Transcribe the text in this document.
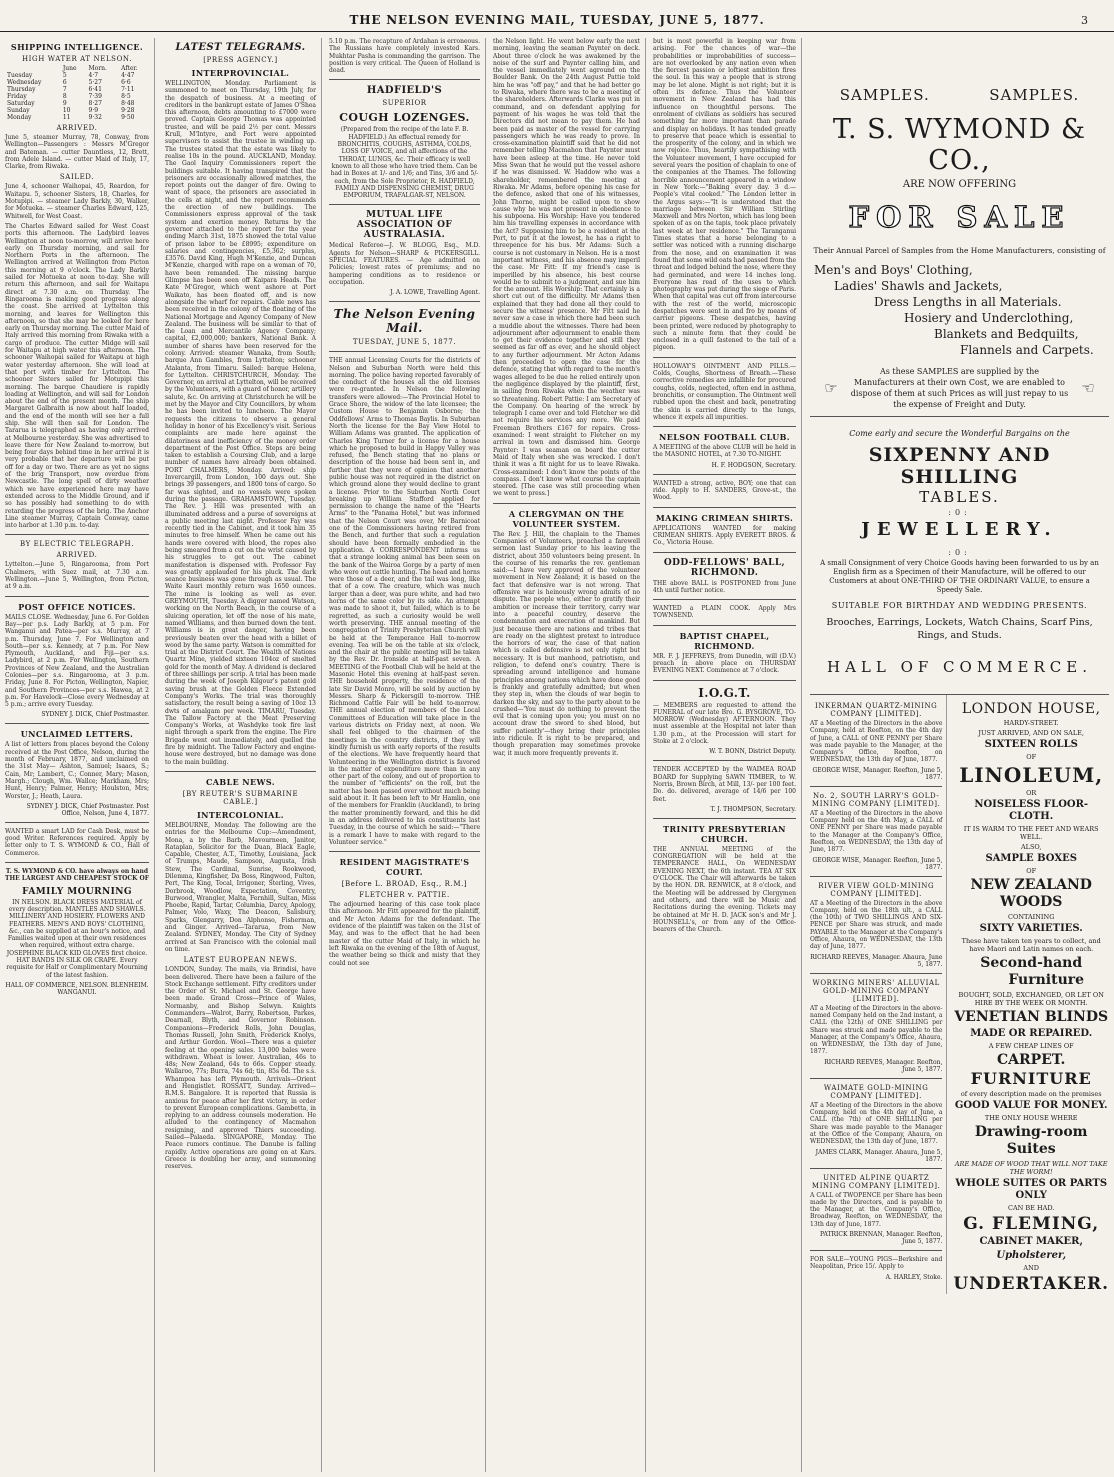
THE NELSON EVENING MAIL, TUESDAY, JUNE 5, 1877.	3
SHIPPING INTELLIGENCE.
HIGH WATER AT NELSON.
	June	Morn.	After.
Tuesday	5	4·7	4·47
Wednesday	6	5·27	6·6
Thursday	7	6·41	7·11
Friday	8	7·39	8·5
Saturday	9	8·27	8·48
Sunday	10	9·9	9·28
Monday	11	9·32	9·50
ARRIVED.
June 5, steamer Murray, 78, Conway, from Wellington—Passengers : Messrs M'Gregor and Bateman. — cutter Dauntless, 12, Brett, from Adele Island. — cutter Maid of Italy, 17, Clarke, from Riwaka.
SAILED.
June 4, schooner Waihopai, 45, Reardon, for Waitapu. 5, schooner Sisters, 18, Charles, for Motupipi. — steamer Lady Barkly, 30, Walker, for Motueka. — steamer Charles Edward, 125, Whitwell, for West Coast.
The Charles Edward sailed for West Coast ports this afternoon. The Ladybird leaves Wellington at noon to-morrow, will arrive here early on Thursday morning, and sail for Northern Ports in the afternoon. The Wellington arrived at Wellington from Picton this morning at 9 o'clock. The Lady Barkly sailed for Motueka at noon to-day. She will return this afternoon, and sail for Waitapu direct at 7.30 a.m. on Thursday. The Ringarooma is making good progress along the coast. She arrived at Lyttelton this morning, and leaves for Wellington this afternoon, so that she may be looked for here early on Thursday morning. The cutter Maid of Italy arrived this morning from Riwaka with a cargo of produce. The cutter Midge will sail for Waitapu at high water this afternoon. The schooner Waihopai sailed for Waitapu at high water yesterday afternoon. She will load at that port with timber for Lyttelton. The schooner Sisters sailed for Motupipi this morning. The barque Chaudiere is rapidly loading at Wellington, and will sail for London about the end of the present month. The ship Margaret Galbraith is now about half loaded, and the end of the month will see her a full ship. She will then sail for London. The Tararua is telegraphed as having only arrived at Melbourne yesterday. She was advertised to leave there for New Zealand to-morrow, but being four days behind time in her arrival it is very probable that her departure will be put off for a day or two. There are as yet no signs of the brig Transport, now overdue from Newcastle. The long spell of dirty weather which we have experienced here may have extended across to the Middle Ground, and if so has possibly had something to do with retarding the progress of the brig. The Anchor Line steamer Murray, Captain Conway, came into harbor at 1.30 p.m. to-day.
BY ELECTRIC TELEGRAPH.
ARRIVED.
Lyttelton.—June 5, Ringarooma, from Port Chalmers, with Suez mail, at 7.30 a.m. Wellington.—June 5, Wellington, from Picton, at 9 a.m.
POST OFFICE NOTICES.
MAILS CLOSE. Wednesday, June 6. For Golden Bay—per p.s. Lady Barkly, at 5 p.m. For Wanganui and Patea—per s.s. Murray, at 7 p.m. Thursday, June 7. For Wellington and South—per s.s. Kennedy, at 7 p.m. For New Plymouth, Auckland, and Fiji—per s.s. Ladybird, at 2 p.m. For Wellington, Southern Provinces of New Zealand, and the Australian Colonies—per s.s. Ringarooma, at 3 p.m. Friday, June 8. For Picton, Wellington, Napier, and Southern Provinces—per s.s. Hawea, at 2 p.m. For Havelock—Close every Wednesday at 5 p.m.; arrive every Tuesday.
SYDNEY J. DICK, Chief Postmaster.
UNCLAIMED LETTERS.
A list of letters from places beyond the Colony received at the Post Office, Nelson, during the month of February, 1877, and unclaimed on the 31st May— Ashton, Samuel; Isaacs, S.; Cain, Mr; Lambert, C.; Conner, Mary; Mason, Margh.; Clough, Wm. Wallce; Markham, Mrs; Hunt, Henry; Palmer, Henry; Houlston, Mrs; Worster, J.; Heath, Laura.
SYDNEY J. DICK, Chief Postmaster. Post Office, Nelson, June 4, 1877.
WANTED a smart LAD for Cash Desk, must be good Writer. References required. Apply by letter only to T. S. WYMOND & CO., Hall of Commerce.
T. S. WYMOND & CO. have always on hand THE LARGEST AND CHEAPEST STOCK OF
FAMILY MOURNING
IN NELSON. BLACK DRESS MATERIAL of every description. MANTLES AND SHAWLS. MILLINERY AND HOSIERY. FLOWERS AND FEATHERS. MEN'S AND BOYS' CLOTHING, &c., can be supplied at an hour's notice, and Families waited upon at their own residences when required, without extra charge. JOSEPHINE BLACK KID GLOVES first choice. HAT BANDS IN SILK OR CRAPE. Every requisite for Half or Complimentary Mourning of the latest fashion.
HALL OF COMMERCE, NELSON. BLENHEIM. WANGANUI.
LATEST TELEGRAMS.
[PRESS AGENCY.]
INTERPROVINCIAL.
WELLINGTON, Monday. Parliament is summoned to meet on Thursday, 19th July, for the despatch of business. At a meeting of creditors in the bankrupt estate of James O'Shea this afternoon, debts amounting to £7000 were proved. Captain George Thomas was appointed trustee, and will be paid 2½ per cent. Messrs Krull, M'Intyre, and Fort were appointed supervisors to assist the trustee in winding up. The trustee stated that the estate was likely to realise 10s in the pound. AUCKLAND, Monday. The Gaol Inquiry Commissioners report the buildings suitable. It having transpired that the prisoners are occasionally allowed matches, the report points out the danger of fire. Owing to want of space, the prisoners are associated in the cells at night, and the report recommends the erection of new buildings. The Commissioners express approval of the task system and exertion money. Returns by the governor attached to the report for the year ending March 31st, 1875 showed the total value of prison labor to be £8995; expenditure on salaries and contingencies, £5,362; surplus, £3576. David King, Hugh M'Kenzie, and Duncan M'Kenzie, charged with rape on a woman of 70, have been remanded. The missing barque Glimpse has been seen off Kaipara Heads. The Kate M'Gregor, which went ashore at Port Waikato, has been floated off, and is now alongside the wharf for repairs. Cable news has been received in the colony of the floating of the National Mortgage and Agency Company of New Zealand. The business will be similar to that of the Loan and Mercantile Agency Company; capital, £2,000,000; bankers, National Bank. A number of shares have been reserved for the colony. Arrived: steamer Wanaka, from South; barque Ann Gambles, from Lyttelton; schooner Atalanta, from Timaru. Sailed: barque Helena, for Lyttelton. CHRISTCHURCH, Monday. The Governor, on arrival at Lyttelton, will be received by the Volunteers, with a guard of honor, artillery salute, &c. On arriving at Christchurch he will be met by the Mayor and City Councillors, by whom he has been invited to luncheon. The Mayor requests the citizens to observe a general holiday in honor of his Excellency's visit. Serious complaints are made here against the dilatoriness and inefficiency of the money order department of the Post Office. Steps are being taken to establish a Coursing Club, and a large number of names have already been obtained. PORT CHALMERS, Monday. Arrived: ship Invercargill, from London, 100 days out. She brings 39 passengers, and 1800 tons of cargo. So far was sighted, and no vessels were spoken during the passage. GRAHAMSTOWN, Tuesday. The Rev. J. Hill was presented with an illuminated address and a purse of sovereigns at a public meeting last night. Professor Fay was recently tied in the Cabinet, and it took him 35 minutes to free himself. When he came out his hands were covered with blood, the ropes also being smeared from a cut on the wrist caused by his struggles to get out. The cabinet manifestation is dispensed with. Professor Fay was greatly applauded for his pluck. The dark seance business was gone through as usual. The Waite Kauri monthly return was 1650 ounces. The mine is looking as well as ever. GREYMOUTH, Tuesday. A digger named Watson, working on the North Beach, in the course of a sluicing operation, let off the nose of his mate, named Williams, and then burned down the tent. Williams is in great danger, having been previously beaten over the head with a billet of wood by the same party. Watson is committed for trial at the District Court. The Wealth of Nations Quartz Mine, yielded sixteen 104oz of smelted gold for the month of May. A dividend is declared of three shillings per scrip. A trial has been made during the week of Joseph Kilgour's patent gold saving brush at the Golden Fleece Extended Company's Works. The trial was thoroughly satisfactory, the result being a saving of 10oz 13 dwts of amalgam per week. TIMARU, Tuesday. The Tallow Factory at the Meat Preserving Company's Works, at Washdyke took fire last night through a spark from the engine. The Fire Brigade went out immediately, and quelled the fire by midnight. The Tallow Factory and engine-house were destroyed, but no damage was done to the main building.
CABLE NEWS.
[BY REUTER'S SUBMARINE CABLE.]
INTERCOLONIAL.
MELBOURNE, Monday. The following are the entries for the Melbourne Cup:—Amendment, Mona, a by the Barb, Mavourneen, Janitor, Rataplan, Solicitor for the Duan, Black Eagle, Capable, Chester, A.T., Timothy, Louisiana, Jack of Trumps, Maude, Sampson, Augusta, Irish Stew, The Cardinal, Sunrise, Rookwood, Dilemma, Kingfisher, Da Boss, Ringwood, Fulton, Pert, The King, Tocal, Irrigoner, Sterling, Vives, Dorbrook, Woodlow, Expectation, Coventry, Burwood, Wrangler, Malta, Fernhill, Sultan, Miss Phoebe, Rapid, Tartar, Columbia, Darcy, Apology, Palmer, Volo, Waxy, The Deacon, Salisbury, Sparks, Glengarry, Don Alphonso, Fisherman, and Ginger. Arrived—Tararua, from New Zealand. SYDNEY, Monday. The City of Sydney arrived at San Francisco with the colonial mail on time.
LATEST EUROPEAN NEWS.
LONDON, Sunday. The mails, via Brindisi, have been delivered. There have been a failure of the Stock Exchange settlement. Fifty creditors under the Order of St. Michael and St. George have been made. Grand Cross—Prince of Wales, Normanby, and Bishop Selwyn. Knights Commanders—Walrot, Barry, Robertson, Parkes, Dearnall, Blyth, and Governor Robinson. Companions—Frederick Rolls, John Douglas, Thomas Russell, John Smith, Frederick Knolys, and Arthur Gordon. Wool—There was a quieter feeling at the opening sales. 13,000 bales were withdrawn. Wheat is lower. Australian, 46s to 48s; New Zealand, 64s to 66s. Copper steady. Wallaroo, 77s; Burra, 74s 6d; tin, 85s 6d. The s.s. Whampoa has left Plymouth. Arrivals—Orient and Hengistlet. ROSSATT, Sunday. Arrived—R.M.S. Bangalore. It is reported that Russia is anxious for peace after her first victory, in order to prevent European complications. Gambetta, in replying to an address counsels moderation. He alluded to the contingency of Macmahon resigning, and approved Thiers succeeding. Sailed—Palaeda. SINGAPORE, Monday. The Peace rumors continue. The Danube is falling rapidly. Active operations are going on at Kars. Greece is doubling her army, and summoning reserves.
5.10 p.m. The recapture of Ardahan is erroneous. The Russians have completely invested Kars. Mukhtar Pasha is commanding the garrison. The position is very critical. The Queen of Holland is dead.
HADFIELD'S
SUPERIOR
COUGH LOZENGES.
(Prepared from the recipe of the late F. B. HADFIELD.) An effectual remedy for BRONCHITIS, COUGHS, ASTHMA, COLDS, LOSS OF VOICE, and all affections of the THROAT, LUNGS, &c. Their efficacy is well known to all those who have tried them. Can be had in Boxes at 1/- and 1/6; and Tins, 3/6 and 5/- each, from the Sole Proprietor, R. HADFIELD, FAMILY AND DISPENSING CHEMIST, DRUG EMPORIUM, TRAFALGAR-ST, NELSON.
MUTUAL LIFE ASSOCIATION OF AUSTRALASIA.
Medical Referee—J. W. BLOGG, Esq., M.D. Agents for Nelson—SHARP & PICKERSGILL. SPECIAL FEATURES. — Age admitted on Policies; lowest rates of premiums; and no hampering conditions as to residence or occupation.
J. A. LOWE, Travelling Agent.
The Nelson Evening Mail.
TUESDAY, JUNE 5, 1877.
THE annual Licensing Courts for the districts of Nelson and Suburban North were held this morning. The police having reported favorably of the conduct of the houses all the old licenses were re-granted. In Nelson the following transfers were allowed:—The Provincial Hotel to Grace Shore, the widow of the late licensee; the Custom House to Benjamin Osborne; the Oddfellows' Arms to Thomas Baylis. In Suburban North the license for the Bay View Hotel to William Adams was granted. The application of Charles King Turner for a license for a house which he proposed to build in Happy Valley was refused, the Bench stating that no plans or description of the house had been sent in, and further that they were of opinion that another public house was not required in the district on which ground alone they would decline to grant a license. Prior to the Suburban North Court breaking up William Stafford applied for permission to change the name of the "Hearts Arms" to the "Panama Hotel," but was informed that the Nelson Court was over, Mr Barnicoat one of the Commissioners having retired from the Bench, and further that such a regulation should have been formally embodied in the application. A CORRESPONDENT informs us that a strange looking animal has been seen on the bank of the Wairoa Gorge by a party of men who were out cattle hunting. The head and horns were those of a deer, and the tail was long, like that of a cow. The creature, which was much larger than a deer, was pure white, and had two horns of the same color by its side. An attempt was made to shoot it, but failed, which is to be regretted, as such a curiosity would be well worth preserving. THE annual meeting of the congregation of Trinity Presbyterian Church will be held at the Temperance Hall to-morrow evening. Tea will be on the table at six o'clock, and the chair at the public meeting will be taken by the Rev. Dr. Ironside at half-past seven. A MEETING of the Football Club will be held at the Masonic Hotel this evening at half-past seven. THE household property, the residence of the late Sir David Monro, will be sold by auction by Messrs. Sharp & Pickersgill to-morrow. THE Richmond Cattle Fair will be held to-morrow. THE annual election of members of the Local Committees of Education will take place in the various districts on Friday next, at noon. We shall feel obliged to the chairmen of the meetings in the country districts, if they will kindly furnish us with early reports of the results of the elections. We have frequently heard that Volunteering in the Wellington district is favored in the matter of expenditure more than in any other part of the colony, and out of proportion to the number of "efficients" on the roll, but the matter has been passed over without much being said about it. It has been left to Mr Hamlin, one of the members for Franklin (Auckland), to bring the matter prominently forward, and this he did in an address delivered to his constituents last Tuesday, in the course of which he said:—"There is a remark I have to make with regard to the Volunteer service."
RESIDENT MAGISTRATE'S COURT.
[Before L. BROAD, Esq., R.M.]
FLETCHER v. PATTIE.
The adjourned hearing of this case took place this afternoon. Mr Fitt appeared for the plaintiff, and Mr Acton Adams for the defendant. The evidence of the plaintiff was taken on the 31st of May, and was to the effect that he had been master of the cutter Maid of Italy, in which he left Riwaka on the evening of the 18th of August, the weather being so thick and misty that they could not see
the Nelson light. He went below early the next morning, leaving the seaman Paynter on deck. About three o'clock he was awakened by the noise of the surf and Paynter calling him, and the vessel immediately went aground on the Boulder Bank. On the 24th August Pattie told him he was "off pay," and that he had better go to Riwaka, where there was to be a meeting of the shareholders. Afterwards Clarke was put in command, and on defendant applying for payment of his wages he was told that the Directors did not mean to pay them. He had been paid as master of the vessel for carrying passengers which he was ready to prove. In cross-examination plaintiff said that he did not remember telling Macmahon that Paynter must have been asleep at the time. He never told Miss Swan that he would put the vessel ashore if he was dismissed. W. Haddow who was a shareholder, remembered the meeting at Riwaka. Mr Adams, before opening his case for the defence, asked that one of his witnesses, John Thorne, might be called upon to show cause why he was not present in obedience to his subpoena. His Worship: Have you tendered him his travelling expenses in accordance with the Act? Supposing him to be a resident at the Port, to put it at the lowest, he has a right to threepence for his bus. Mr Adams: Such a course is not customary in Nelson. He is a most important witness, and his absence may imperil the case. Mr Fitt: If my friend's case is imperilled by his absence, his best course would be to submit to a judgment, and sue him for the amount. His Worship: That certainly is a short cut out of the difficulty. Mr Adams then explained that they had done all they could to secure the witness' presence. Mr Fitt said he never saw a case in which there had been such a muddle about the witnesses. There had been adjournment after adjournment to enable them to get their evidence together and still they seemed as far off as ever, and he should object to any further adjournment. Mr Acton Adams then proceeded to open the case for the defence, stating that with regard to the month's wages alleged to be due he relied entirely upon the negligence displayed by the plaintiff, first, in sailing from Riwaka when the weather was so threatening. Robert Pattie: I am Secretary of the Company. On hearing of the wreck by telegraph I came over and told Fletcher we did not require his services any more. We paid Freeman Brothers £167 for repairs. Cross-examined: I went straight to Fletcher on my arrival in town and dismissed him. George Paynter: I was seaman on board the cutter Maid of Italy when she was wrecked. I don't think it was a fit night for us to leave Riwaka. Cross-examined: I don't know the points of the compass. I don't know what course the captain steered. [The case was still proceeding when we went to press.]
A CLERGYMAN ON THE VOLUNTEER SYSTEM.
The Rev. J. Hill, the chaplain to the Thames Companies of Volunteers, preached a farewell sermon last Sunday prior to his leaving the district, about 350 volunteers being present. In the course of his remarks the rev. gentleman said:—I have very approved of the volunteer movement in New Zealand; it is based on the fact that defensive war is not wrong. That offensive war is heinously wrong admits of no dispute. The people who, either to gratify their ambition or increase their territory, carry war into a peaceful country, deserve the condemnation and execration of mankind. But just because there are nations and tribes that are ready on the slightest pretext to introduce the horrors of war, the case of that nation which is called defensive is not only right but necessary. It is but manhood, patriotism, and religion, to defend one's country. There is spreading around intelligence and humane principles among nations which have done good is frankly and gratefully admitted; but when they step in, when the clouds of war begin to darken the sky, and say to the party about to be crushed—'You must do nothing to prevent the evil that is coming upon you; you must on no account draw the sword to shed blood, but suffer patiently'—they bring their principles into ridicule. It is right to be prepared, and though preparation may sometimes provoke war, it much more frequently prevents it.
but is most powerful in keeping war from arising. For the chances of war—the probabilities or improbabilities of success—are not overlooked by any nation even when the fiercest passion or loftiest ambition fires the soul. In this way a people that is strong may be let alone. Might is not right; but it is often its defence. Thus the Volunteer movement in New Zealand has had this influence on thoughtful persons. The enrolment of civilians as soldiers has secured something far more important than parade and display on holidays. It has tended greatly to preserve that peace which is essential to the prosperity of the colony, and in which we now rejoice. Thus, heartily sympathising with the Volunteer movement, I have occupied for several years the position of chaplain to one of the companies at the Thames. The following horrible announcement appeared in a window in New York:—"Baking every day. 3 d.—People's vital cooked." The London letter in the Argus says:—"It is understood that the marriage between Sir William Stirling Maxwell and Mrs Norton, which has long been spoken of as on the tapis, took place privately last week at her residence." The Taranganui Times states that a horse belonging to a settler was noticed with a running discharge from the nose, and on examination it was found that some wild oats had passed from the throat and lodged behind the nose, where they had germinated, and were 14 inches long. Everyone has read of the uses to which photography was put during the siege of Paris. When that capital was cut off from intercourse with the rest of the world, microscopic despatches were sent in and fro by means of carrier pigeons. These despatches, having been printed, were reduced by photography to such a minute form that they could be enclosed in a quill fastened to the tail of a pigeon.
HOLLOWAY'S OINTMENT AND PILLS.—Colds, Coughs, Shortness of Breath.—These corrective remedies are infallible for procured coughs, colds, neglected, often end in asthma, bronchitis, or consumption. The Ointment well rubbed upon the chest and back, penetrating the skin is carried directly to the lungs, whence it expels all impurities.
NELSON FOOTBALL CLUB.
A MEETING of the above CLUB will be held in the MASONIC HOTEL, at 7.30 TO-NIGHT.
H. F. HODGSON, Secretary.
WANTED a strong, active, BOY; one that can ride. Apply to H. SANDERS, Grove-st., the Wood.
MAKING CRIMEAN SHIRTS.
APPLICATIONS WANTED for making CRIMEAN SHIRTS. Apply EVERETT BROS. & Co., Victoria House.
ODD-FELLOWS' BALL, RICHMOND.
THE above BALL is POSTPONED from June 4th until further notice.
WANTED a PLAIN COOK. Apply Mrs TOWNSEND.
BAPTIST CHAPEL, RICHMOND.
MR. F. J. JEFFREYS, from Dunedin, will (D.V.) preach in above place on THURSDAY EVENING NEXT. Commence at 7 o'clock.
I.O.G.T.
— MEMBERS are requested to attend the FUNERAL of our late Bro. G. BYSGROVE, TO-MORROW (Wednesday) AFTERNOON. They must assemble at the Hospital not later than 1.30 p.m., at the Procession will start for Stoke at 2 o'clock.
W. T. BONN, District Deputy.
TENDER ACCEPTED by the WAIMEA ROAD BOARD for Supplying SAWN TIMBER, to W. Norris, Brown Birch, at Mill, 13/- per 100 feet. Do. do. delivered, average of 14/6 per 100 feet.
T. J. THOMPSON, Secretary.
TRINITY PRESBYTERIAN CHURCH.
THE ANNUAL MEETING of the CONGREGATION will be held at the TEMPERANCE HALL, On WEDNESDAY EVENING NEXT, the 6th instant. TEA AT SIX O'CLOCK. The Chair will afterwards be taken by the HON. DR. RENWICK, at 8 o'clock, and the Meeting will be addressed by Clergymen and others, and there will be Music and Recitations during the evening. Tickets may be obtained at Mr H. D. JACK son's and Mr J. HOUNSELL's, or from any of the Office-bearers of the Church.
SAMPLES.	SAMPLES.
T. S. WYMOND & CO.,
ARE NOW OFFERING
FOR SALE
Their Annual Parcel of Samples from the Home Manufacturers, consisting of
Men's and Boys' Clothing,
Ladies' Shawls and Jackets,
Dress Lengths in all Materials.
Hosiery and Underclothing,
Blankets and Bedquilts,
Flannels and Carpets.
☞
As these SAMPLES are supplied by the Manufacturers at their own Cost, we are enabled to dispose of them at such Prices as will just repay to us the expense of Freight and Duty.
☜
Come early and secure the Wonderful Bargains on the
SIXPENNY AND SHILLING
TABLES.
:0:
JEWELLERY.
:0:
A small Consignment of very Choice Goods having been forwarded to us by an English firm as a Specimen of their Manufacture, will be offered to our Customers at about ONE-THIRD OF THE ORDINARY VALUE, to ensure a Speedy Sale.
SUITABLE FOR BIRTHDAY AND WEDDING PRESENTS.
Brooches, Earrings, Lockets, Watch Chains, Scarf Pins, Rings, and Studs.
HALL OF COMMERCE.
INKERMAN QUARTZ-MINING COMPANY [LIMITED].
AT a Meeting of the Directors in the above Company, held at Reefton, on the 4th day of June, a CALL of ONE PENNY per Share was made payable to the Manager, at the Company's Office, Reefton, on WEDNESDAY, the 13th day of June, 1877.
GEORGE WISE, Manager. Reefton, June 5, 1877.
No. 2, SOUTH LARRY'S GOLD-MINING COMPANY [LIMITED].
AT a Meeting of the Directors in the above Company held on the 4th May, a CALL of ONE PENNY per Share was made payable to the Manager at the Company's Office, Reefton, on WEDNESDAY, the 13th day of June, 1877.
GEORGE WISE, Manager. Reefton, June 5, 1877.
RIVER VIEW GOLD-MINING COMPANY [LIMITED].
AT a Meeting of the Directors in the above Company, held on the 18th ult., a CALL (the 10th) of TWO SHILLINGS AND SIX-PENCE per Share was struck, and made PAYABLE to the Manager at the Company's Office, Ahaura, on WEDNESDAY, the 13th day of June, 1877.
RICHARD REEVES, Manager. Ahaura, June 5, 1877.
WORKING MINERS' ALLUVIAL GOLD-MINING COMPANY [LIMITED].
AT a Meeting of the Directors in the above-named Company held on the 2nd instant, a CALL (the 12th) of ONE SHILLING per Share was struck and made payable to the Manager, at the Company's Office, Ahaura, on WEDNESDAY, the 13th day of June, 1877.
RICHARD REEVES, Manager. Reefton, June 5, 1877.
WAIMATE GOLD-MINING COMPANY [LIMITED].
AT a Meeting of the Directors in the above Company, held on the 4th day of June, a CALL (the 7th) of ONE SHILLING per Share was made payable to the Manager at the Office of the Company, Ahaura, on WEDNESDAY, the 13th day of June, 1877.
JAMES CLARK, Manager. Ahaura, June 5, 1877.
UNITED ALPINE QUARTZ MINING COMPANY [LIMITED].
A CALL of TWOPENCE per Share has been made by the Directors, and is payable to the Manager, at the Company's Office, Broadway, Reefton, on WEDNESDAY, the 13th day of June, 1877.
PATRICK BRENNAN, Manager. Reefton, June 5, 1877.
FOR SALE—YOUNG PIGS—Berkshire and Neapolitan, Price 15/. Apply to
A. HARLEY, Stoke.
LONDON HOUSE,
HARDY-STREET.
JUST ARRIVED, AND ON SALE,
SIXTEEN ROLLS
OF
LINOLEUM,
OR
NOISELESS FLOOR-CLOTH.
IT IS WARM TO THE FEET AND WEARS WELL.
ALSO,
SAMPLE BOXES
OF
NEW ZEALAND WOODS
CONTAINING
SIXTY VARIETIES.
These have taken ten years to collect, and have Maori and Latin names on each.
Second-hand
Furniture
BOUGHT, SOLD, EXCHANGED, OR LET ON HIRE BY THE WEEK OR MONTH.
VENETIAN BLINDS
MADE OR REPAIRED.
A FEW CHEAP LINES OF
CARPET.
FURNITURE
of every description made on the premises
GOOD VALUE FOR MONEY.
THE ONLY HOUSE WHERE
Drawing-room Suites
ARE MADE OF WOOD THAT WILL NOT TAKE THE WORM!
WHOLE SUITES OR PARTS ONLY
CAN BE HAD.
G. FLEMING,
CABINET MAKER,
Upholsterer,
AND
UNDERTAKER.
